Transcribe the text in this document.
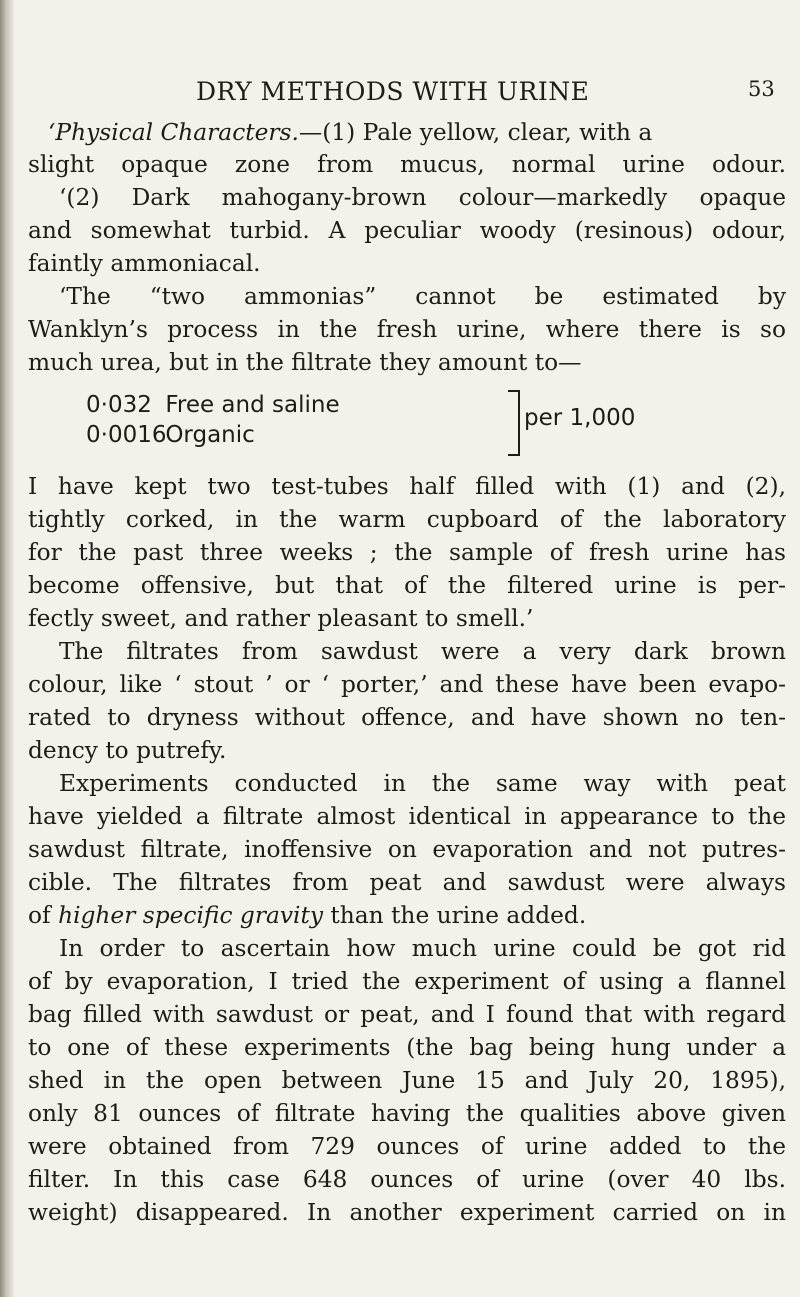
DRY METHODS WITH URINE	53
‘Physical Characters.—(1) Pale yellow, clear, with a
slight opaque zone from mucus, normal urine odour.
‘(2) Dark mahogany-brown colour—markedly opaque
and somewhat turbid. A peculiar woody (resinous) odour,
faintly ammoniacal.
‘The “two ammonias” cannot be estimated by
Wanklyn’s process in the fresh urine, where there is so
much urea, but in the filtrate they amount to—
0·032 Free and saline
0·0016 Organic
per 1,000
I have kept two test-tubes half filled with (1) and (2),
tightly corked, in the warm cupboard of the laboratory
for the past three weeks ; the sample of fresh urine has
become offensive, but that of the filtered urine is per-
fectly sweet, and rather pleasant to smell.’
The filtrates from sawdust were a very dark brown
colour, like ‘ stout ’ or ‘ porter,’ and these have been evapo-
rated to dryness without offence, and have shown no ten-
dency to putrefy.
Experiments conducted in the same way with peat
have yielded a filtrate almost identical in appearance to the
sawdust filtrate, inoffensive on evaporation and not putres-
cible. The filtrates from peat and sawdust were always
of higher specific gravity than the urine added.
In order to ascertain how much urine could be got rid
of by evaporation, I tried the experiment of using a flannel
bag filled with sawdust or peat, and I found that with regard
to one of these experiments (the bag being hung under a
shed in the open between June 15 and July 20, 1895),
only 81 ounces of filtrate having the qualities above given
were obtained from 729 ounces of urine added to the
filter. In this case 648 ounces of urine (over 40 lbs.
weight) disappeared. In another experiment carried on in
